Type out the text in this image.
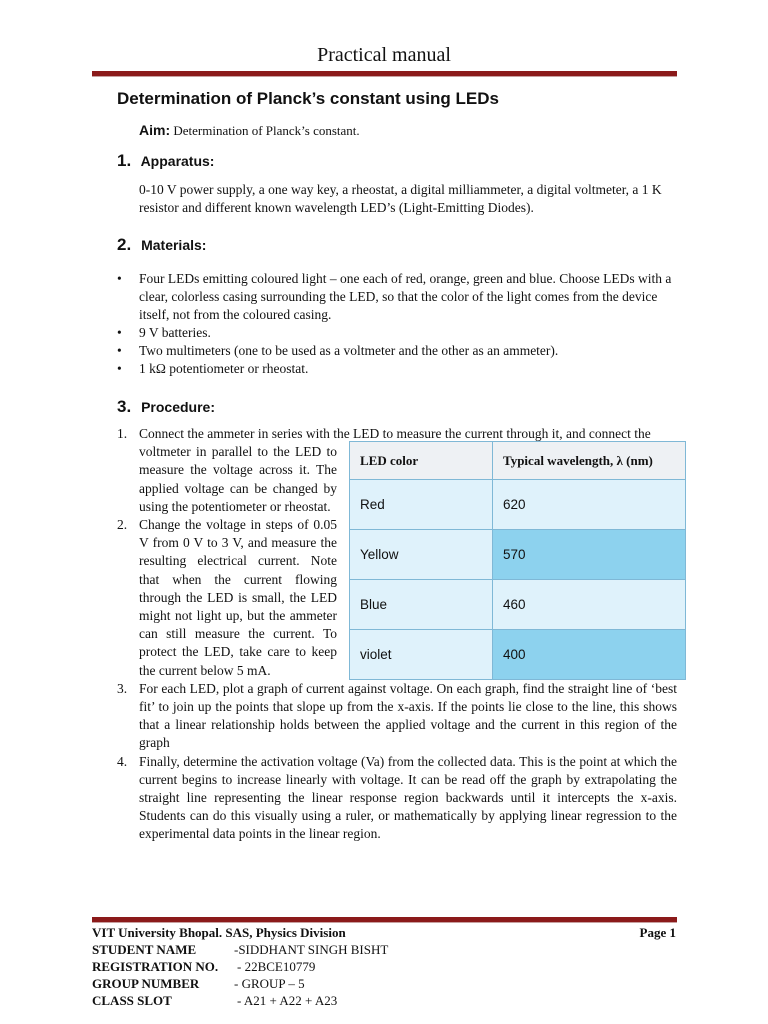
Practical manual
Determination of Planck’s constant using LEDs
Aim: Determination of Planck’s constant.
1. Apparatus:
0-10 V power supply, a one way key, a rheostat, a digital milliammeter, a digital voltmeter, a 1 K resistor and different known wavelength LED’s (Light-Emitting Diodes).
2. Materials:
• Four LEDs emitting coloured light – one each of red, orange, green and blue. Choose LEDs with a clear, colorless casing surrounding the LED, so that the color of the light comes from the device itself, not from the coloured casing.
• 9 V batteries.
• Two multimeters (one to be used as a voltmeter and the other as an ammeter).
• 1 kΩ potentiometer or rheostat.
3. Procedure:
1. Connect the ammeter in series with the LED to measure the current through it, and connect the
voltmeter in parallel to the LED to measure the voltage across it. The applied voltage can be changed by using the potentiometer or rheostat.
2. Change the voltage in steps of 0.05 V from 0 V to 3 V, and measure the resulting electrical current. Note that when the current flowing through the LED is small, the LED might not light up, but the ammeter can still measure the current. To protect the LED, take care to keep the current below 5 mA.
3. For each LED, plot a graph of current against voltage. On each graph, find the straight line of ‘best fit’ to join up the points that slope up from the x-axis. If the points lie close to the line, this shows that a linear relationship holds between the applied voltage and the current in this region of the graph
4. Finally, determine the activation voltage (Va) from the collected data. This is the point at which the current begins to increase linearly with voltage. It can be read off the graph by extrapolating the straight line representing the linear response region backwards until it intercepts the x-axis. Students can do this visually using a ruler, or mathematically by applying linear regression to the experimental data points in the linear region.
LED color	Typical wavelength, λ (nm)
Red	620
Yellow	570
Blue	460
violet	400
VIT University Bhopal. SAS, Physics Division	Page 1
STUDENT NAME	-SIDDHANT SINGH BISHT
REGISTRATION NO. - 22BCE10779
GROUP NUMBER	- GROUP – 5
CLASS SLOT	- A21 + A22 + A23
